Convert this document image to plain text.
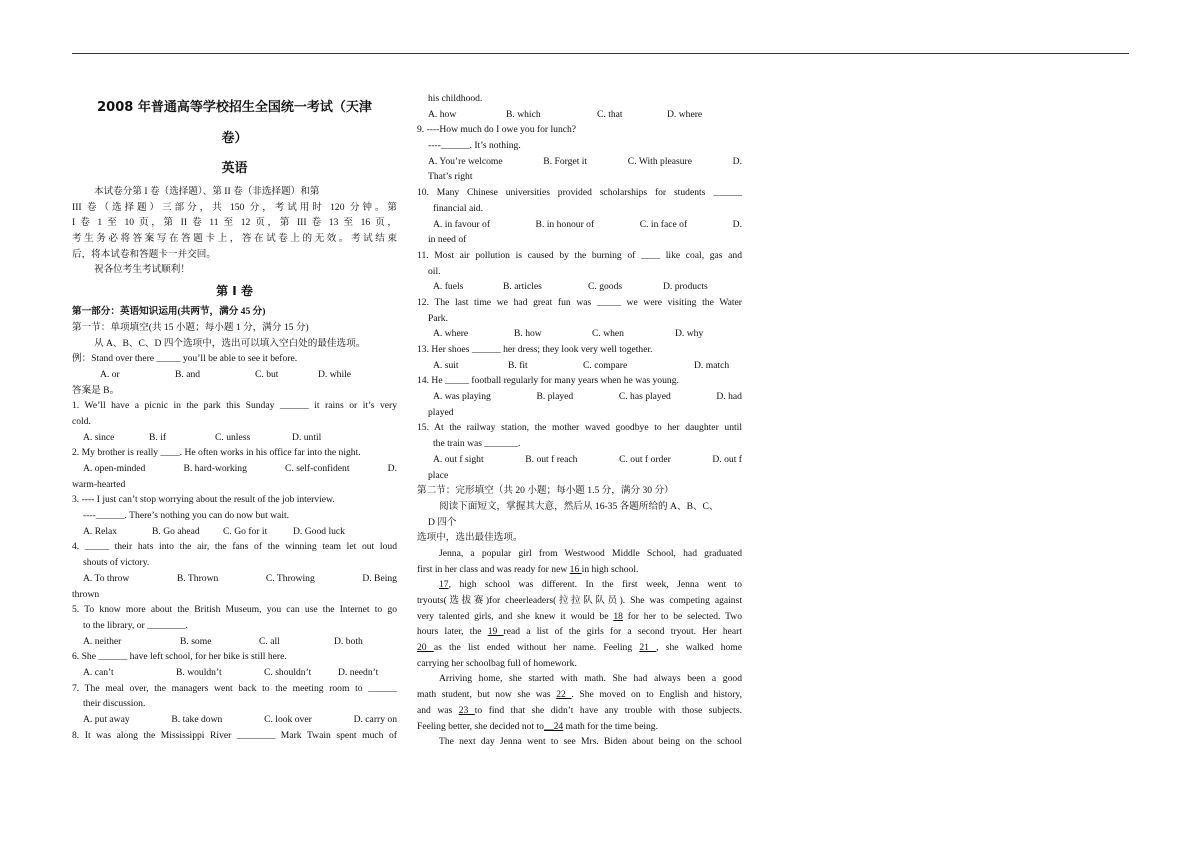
2008 年普通高等学校招生全国统一考试（天津
卷）
英语
本试卷分第 I 卷（选择题）、第 II 卷（非选择题）和第
III 卷（选择题）三部分，共 150 分，考试用时 120 分钟。第
I 卷 1 至 10 页，第 II 卷 11 至 12 页，第 III 卷 13 至 16 页，
考生务必将答案写在答题卡上，答在试卷上的无效。考试结束
后，将本试卷和答题卡一并交回。
祝各位考生考试顺利！
第 I 卷
第一部分：英语知识运用(共两节，满分 45 分)
第一节：单项填空(共 15 小题；每小题 1 分，满分 15 分)
从 A、B、C、D 四个选项中，选出可以填入空白处的最佳选项。
例：Stand over there _____ you’ll be able to see it before.
A. or	B. and	C. but	D. while
答案是 B。
1. We’ll have a picnic in the park this Sunday ______ it rains or it’s very
cold.
A. since	B. if	C. unless	D. until
2. My brother is really ____. He often works in his office far into the night.
A. open-minded	B. hard-working	C. self-confident	D.
warm-hearted
3. ---- I just can’t stop worrying about the result of the job interview.
----______. There’s nothing you can do now but wait.
A. Relax	B. Go ahead	C. Go for it	D. Good luck
4. _____ their hats into the air, the fans of the winning team let out loud
shouts of victory.
A. To throw	B. Thrown	C. Throwing	D. Being
thrown
5. To know more about the British Museum, you can use the Internet to go
to the library, or ________.
A. neither	B. some	C. all	D. both
6. She ______ have left school, for her bike is still here.
A. can’t	B. wouldn’t	C. shouldn’t	D. needn’t
7. The meal over, the managers went back to the meeting room to ______
their discussion.
A. put away	B. take down	C. look over	D. carry on
8. It was along the Mississippi River ________ Mark Twain spent much of
his childhood.
A. how	B. which	C. that	D. where
9. ----How much do I owe you for lunch?
----______. It’s nothing.
A. You’re welcome	B. Forget it	C. With pleasure	D.
That’s right
10. Many Chinese universities provided scholarships for students ______
financial aid.
A. in favour of	B. in honour of	C. in face of	D.
in need of
11. Most air pollution is caused by the burning of ____ like coal, gas and
oil.
A. fuels	B. articles	C. goods	D. products
12. The last time we had great fun was _____ we were visiting the Water
Park.
A. where	B. how	C. when	D. why
13. Her shoes ______ her dress; they look very well together.
A. suit	B. fit	C. compare	D. match
14. He _____ football regularly for many years when he was young.
A. was playing	B. played	C. has played	D. had
played
15. At the railway station, the mother waved goodbye to her daughter until
the train was _______.
A. out f sight	B. out f reach	C. out f order	D. out f
place
第二节：完形填空（共 20 小题；每小题 1.5 分，满分 30 分）
阅读下面短文，掌握其大意，然后从 16-35 各题所给的 A、B、C、
D 四个
选项中，选出最佳选项。
Jenna, a popular girl from Westwood Middle School, had graduated
first in her class and was ready for new 16 in high school.
17, high school was different. In the first week, Jenna went to
tryouts(选拔赛)for cheerleaders(拉拉队队员). She was competing against
very talented girls, and she knew it would be 18 for her to be selected. Two
hours later, the 19 read a list of the girls for a second tryout. Her heart
20 as the list ended without her name. Feeling 21 , she walked home
carrying her schoolbag full of homework.
Arriving home, she started with math. She had always been a good
math student, but now she was 22 . She moved on to English and history,
and was 23 to find that she didn’t have any trouble with those subjects.
Feeling better, she decided not to__24 math for the time being.
The next day Jenna went to see Mrs. Biden about being on the school
